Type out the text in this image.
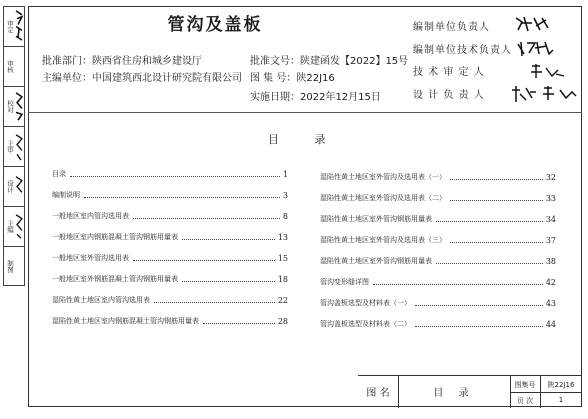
审定
审核
校对
主审
设计
主编
制图
管沟及盖板
批准部门：陕西省住房和城乡建设厅
主编单位：中国建筑西北设计研究院有限公司
批准文号：陕建函发【2022】15号
图 集 号：陕22J16
实施日期：2022年12月15日
编制单位负责人
编制单位技术负责人
技 术 审 定 人
设 计 负 责 人
目 录
目录	1
编制说明	3
一般地区室内管沟选用表	8
一般地区室内钢筋混凝土管沟钢筋用量表	13
一般地区室外管沟选用表	15
一般地区室外钢筋混凝土管沟钢筋用量表	18
湿陷性黄土地区室内管沟选用表	22
湿陷性黄土地区室内钢筋混凝土管沟钢筋用量表	28
湿陷性黄土地区室外管沟及选用表（一）	32
湿陷性黄土地区室外管沟及选用表（二）	33
湿陷性黄土地区室外管沟钢筋用量表	34
湿陷性黄土地区室外管沟及选用表（三）	37
湿陷性黄土地区室外管沟钢筋用量表	38
管沟变形缝详图	42
管沟盖板选型及材料表（一）	43
管沟盖板选型及材料表（二）	44
图 名	目 录
图集号	陕22J16
页 次	1
